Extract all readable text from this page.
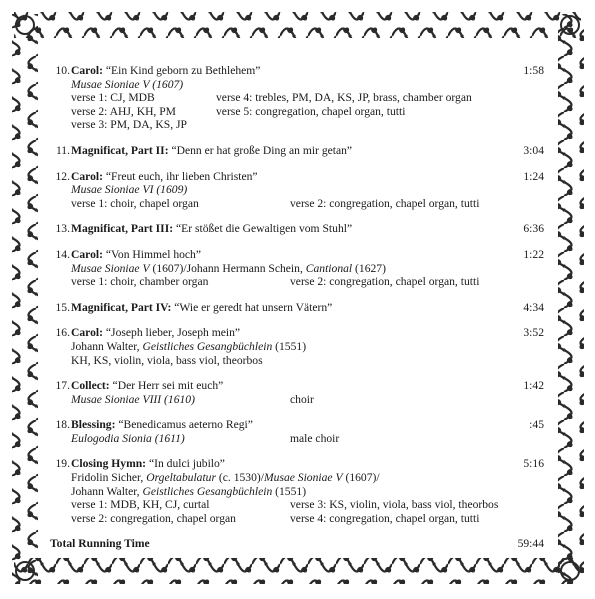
10. Carol: “Ein Kind geborn zu Bethlehem”	1:58
Musae Sioniae V (1607)
verse 1: CJ, MDB	verse 4: trebles, PM, DA, KS, JP, brass, chamber organ
verse 2: AHJ, KH, PM	verse 5: congregation, chapel organ, tutti
verse 3: PM, DA, KS, JP
11. Magnificat, Part II: “Denn er hat große Ding an mir getan”	3:04
12. Carol: “Freut euch, ihr lieben Christen”	1:24
Musae Sioniae VI (1609)
verse 1: choir, chapel organ	verse 2: congregation, chapel organ, tutti
13. Magnificat, Part III: “Er stößet die Gewaltigen vom Stuhl”	6:36
14. Carol: “Von Himmel hoch”	1:22
Musae Sioniae V (1607)/Johann Hermann Schein, Cantional (1627)
verse 1: choir, chamber organ	verse 2: congregation, chapel organ, tutti
15. Magnificat, Part IV: “Wie er geredt hat unsern Vätern”	4:34
16. Carol: “Joseph lieber, Joseph mein”	3:52
Johann Walter, Geistliches Gesangbüchlein (1551)
KH, KS, violin, viola, bass viol, theorbos
17. Collect: “Der Herr sei mit euch”	1:42
Musae Sioniae VIII (1610)	choir
18. Blessing: “Benedicamus aeterno Regi”	:45
Eulogodia Sionia (1611)	male choir
19. Closing Hymn: “In dulci jubilo”	5:16
Fridolin Sicher, Orgeltabulatur (c. 1530)/Musae Sioniae V (1607)/
Johann Walter, Geistliches Gesangbüchlein (1551)
verse 1: MDB, KH, CJ, curtal	verse 3: KS, violin, viola, bass viol, theorbos
verse 2: congregation, chapel organ	verse 4: congregation, chapel organ, tutti
Total Running Time	59:44
